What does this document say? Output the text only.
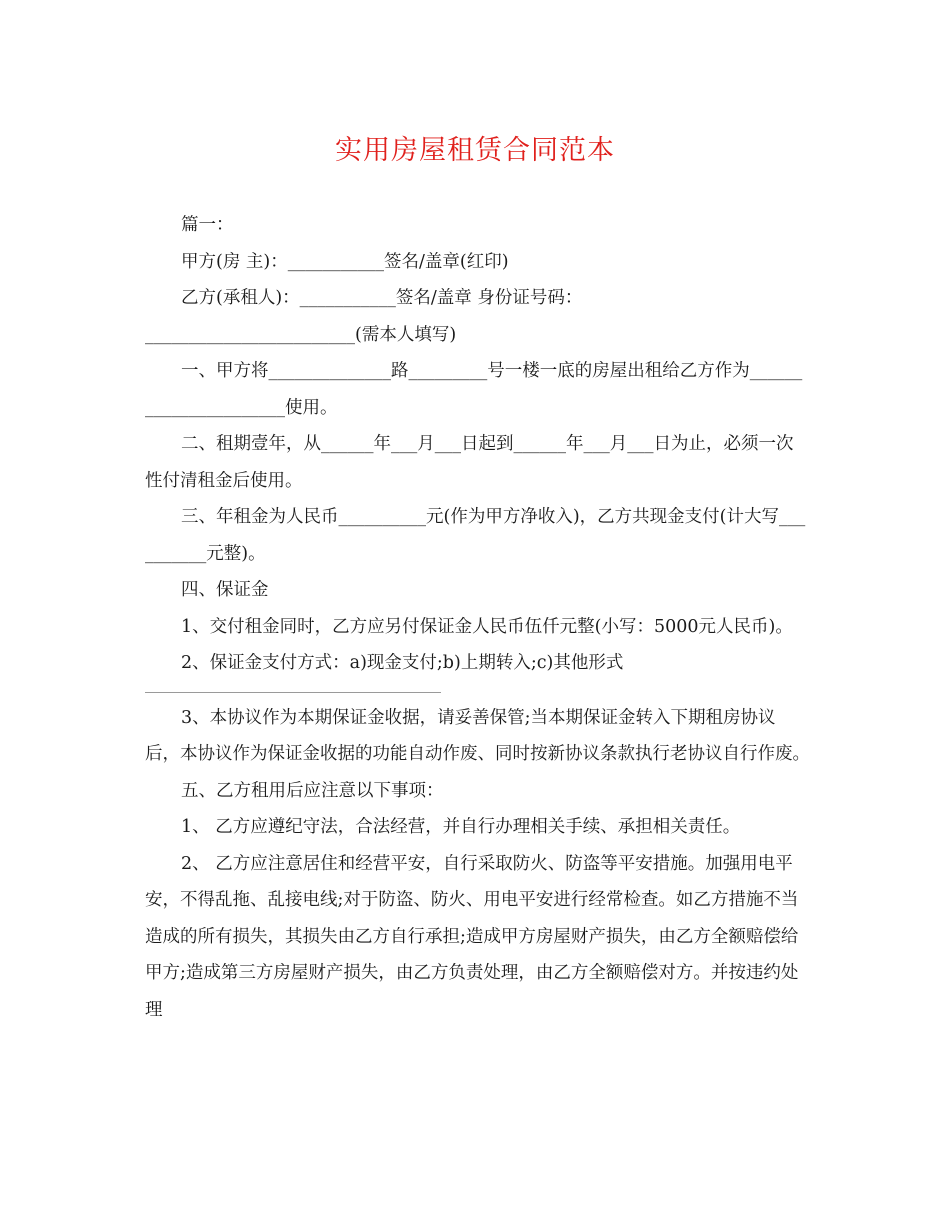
实用房屋租赁合同范本

篇一：

甲方(房 主)：___________签名/盖章(红印)

乙方(承租人)：___________签名/盖章 身份证号码：

________________________(需本人填写)

一、甲方将______________路_________号一楼一底的房屋出租给乙方作为______________________使用。

二、租期壹年，从______年___月___日起到______年___月___日为止，必须一次性付清租金后使用。

三、年租金为人民币__________元(作为甲方净收入)，乙方共现金支付(计大写__________元整)。

四、保证金

1、交付租金同时，乙方应另付保证金人民币伍仟元整(小写：5000元人民币)。

2、保证金支付方式：a)现金支付;b)上期转入;c)其他形式

3、本协议作为本期保证金收据，请妥善保管;当本期保证金转入下期租房协议后，本协议作为保证金收据的功能自动作废、同时按新协议条款执行老协议自行作废。

五、乙方租用后应注意以下事项：

1、 乙方应遵纪守法，合法经营，并自行办理相关手续、承担相关责任。

2、 乙方应注意居住和经营平安，自行采取防火、防盗等平安措施。加强用电平安，不得乱拖、乱接电线;对于防盗、防火、用电平安进行经常检查。如乙方措施不当造成的所有损失，其损失由乙方自行承担;造成甲方房屋财产损失，由乙方全额赔偿给甲方;造成第三方房屋财产损失，由乙方负责处理，由乙方全额赔偿对方。并按违约处理
